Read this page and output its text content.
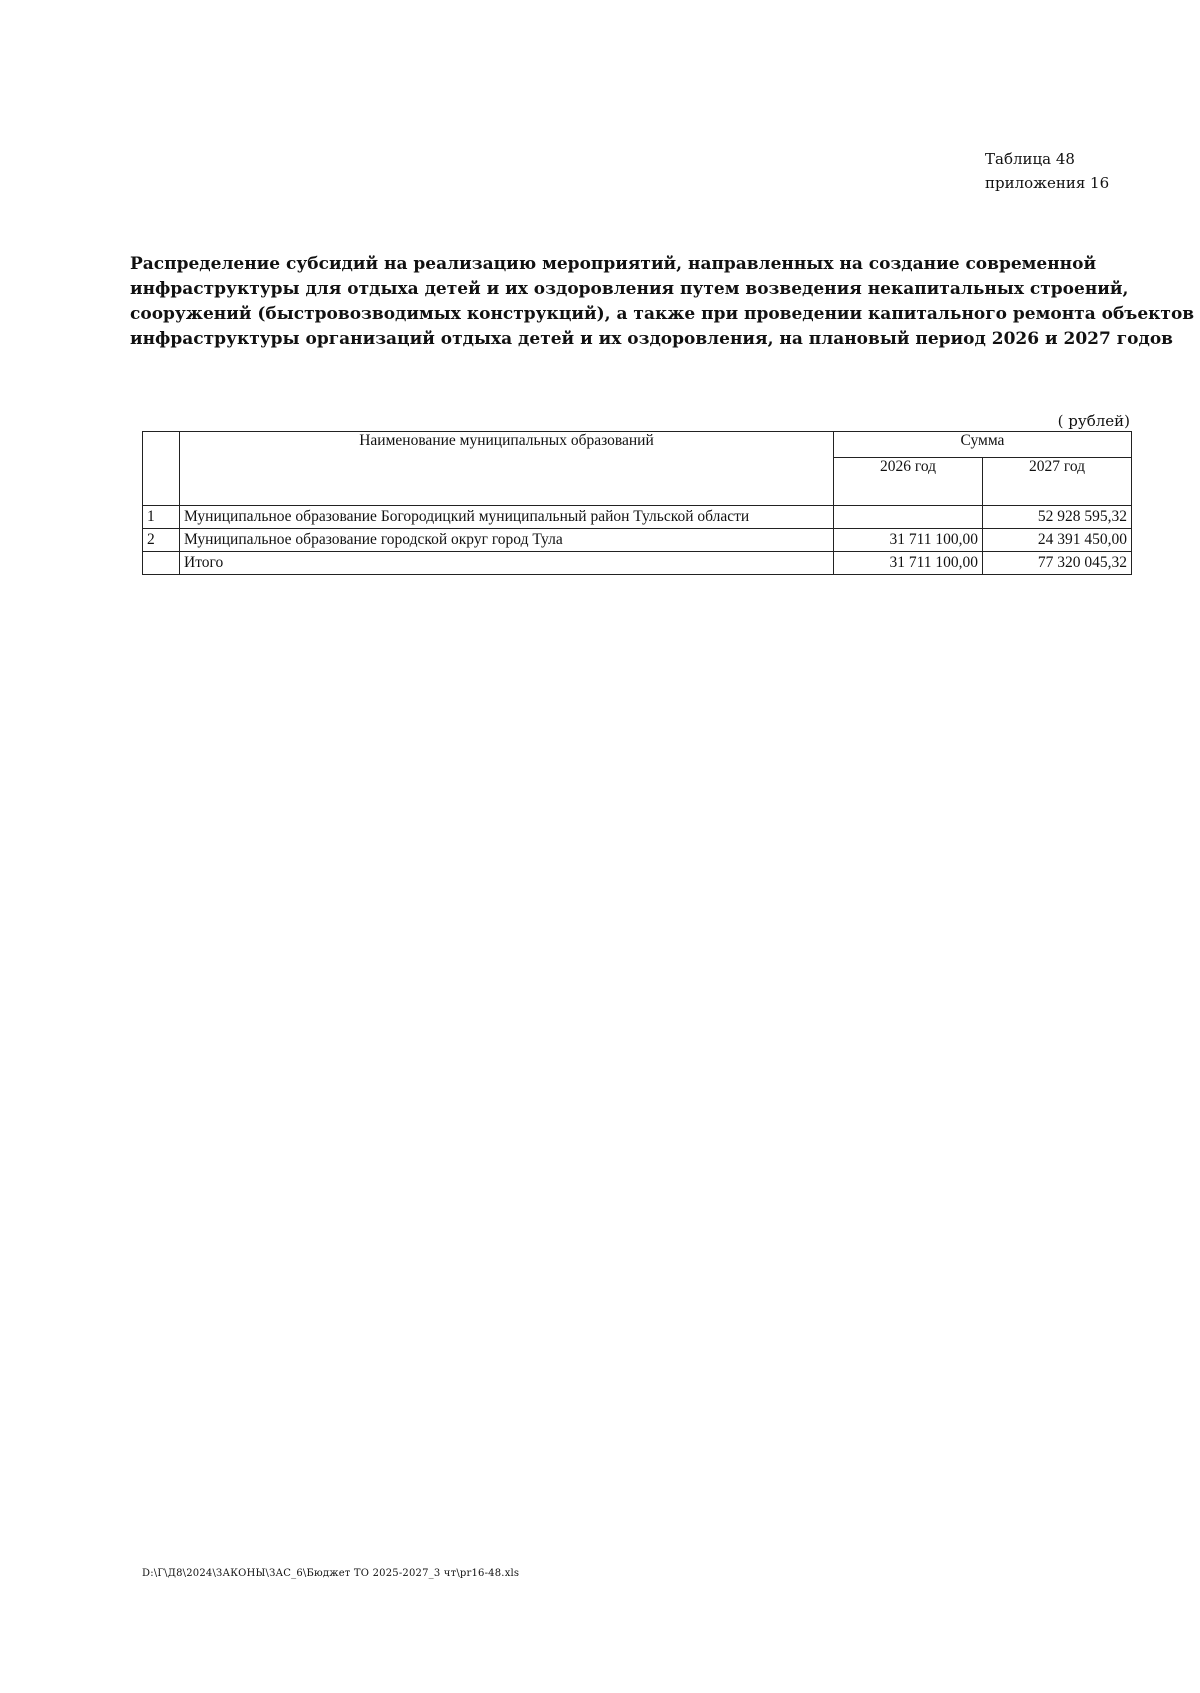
Таблица 48
приложения 16
Распределение субсидий на реализацию мероприятий, направленных на создание современной
инфраструктуры для отдыха детей и их оздоровления путем возведения некапитальных строений,
сооружений (быстровозводимых конструкций), а также при проведении капитального ремонта объектов
инфраструктуры организаций отдыха детей и их оздоровления, на плановый период 2026 и 2027 годов
( рублей)
	Наименование муниципальных образований	Сумма	
		2026 год	2027 год
1	Муниципальное образование Богородицкий муниципальный район Тульской области		52 928 595,32
2	Муниципальное образование городской округ город Тула	31 711 100,00	24 391 450,00
	Итого	31 711 100,00	77 320 045,32
D:\Г\Д8\2024\ЗАКОНЫ\ЗАС_6\Бюджет ТО 2025-2027_3 чт\pr16-48.xls
